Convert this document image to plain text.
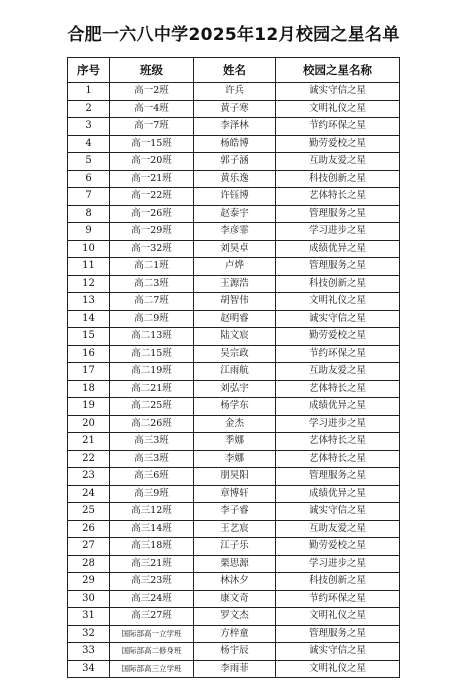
合肥一六八中学2025年12月校园之星名单
序号	班级	姓名	校园之星名称
1	高一2班	许兵	诚实守信之星
2	高一4班	黄子寒	文明礼仪之星
3	高一7班	李泽林	节约环保之星
4	高一15班	杨皓博	勤劳爱校之星
5	高一20班	郭子涵	互助友爱之星
6	高一21班	黄乐逸	科技创新之星
7	高一22班	许钰博	艺体特长之星
8	高一26班	赵泰宇	管理服务之星
9	高一29班	李彦霏	学习进步之星
10	高一32班	刘昊卓	成绩优异之星
11	高二1班	卢烨	管理服务之星
12	高二3班	王源浩	科技创新之星
13	高二7班	胡智伟	文明礼仪之星
14	高二9班	赵明睿	诚实守信之星
15	高二13班	陆文宸	勤劳爱校之星
16	高二15班	吴宗政	节约环保之星
17	高二19班	江雨航	互助友爱之星
18	高二21班	刘弘宇	艺体特长之星
19	高二25班	杨学东	成绩优异之星
20	高二26班	金杰	学习进步之星
21	高三3班	季娜	艺体特长之星
22	高三3班	李娜	艺体特长之星
23	高三6班	朋昊阳	管理服务之星
24	高三9班	章博轩	成绩优异之星
25	高三12班	李子睿	诚实守信之星
26	高三14班	王艺宸	互助友爱之星
27	高三18班	江子乐	勤劳爱校之星
28	高三21班	栗思源	学习进步之星
29	高三23班	林沐夕	科技创新之星
30	高三24班	康文奇	节约环保之星
31	高三27班	罗文杰	文明礼仪之星
32	国际部高一立学班	方梓童	管理服务之星
33	国际部高二修身班	杨宇辰	诚实守信之星
34	国际部高三立学班	李雨菲	文明礼仪之星
